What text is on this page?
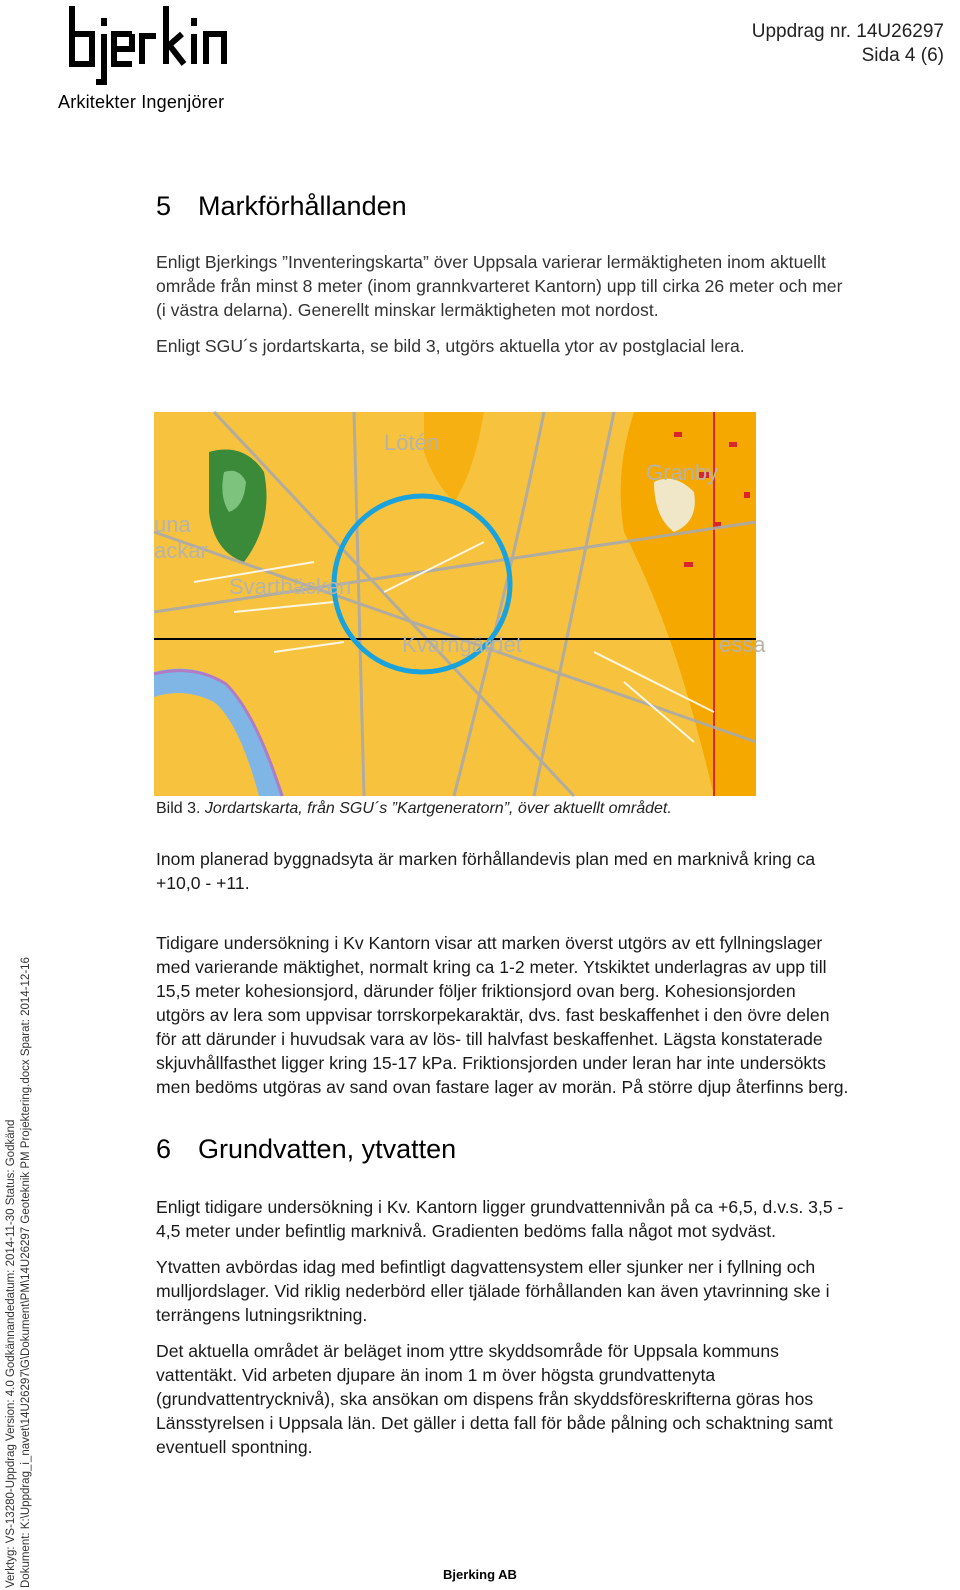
Arkitekter Ingenjörer
Uppdrag nr. 14U26297
Sida 4 (6)
5 Markförhållanden
Enligt Bjerkings ”Inventeringskarta” över Uppsala varierar lermäktigheten inom aktuellt
område från minst 8 meter (inom grannkvarteret Kantorn) upp till cirka 26 meter och mer
(i västra delarna). Generellt minskar lermäktigheten mot nordost.
Enligt SGU´s jordartskarta, se bild 3, utgörs aktuella ytor av postglacial lera.
Lötén
Granby
una
ackar
Svartbäcken
Kvarngärdet	essa
Bild 3. Jordartskarta, från SGU´s ”Kartgeneratorn”, över aktuellt området.
Inom planerad byggnadsyta är marken förhållandevis plan med en marknivå kring ca
+10,0 - +11.
Tidigare undersökning i Kv Kantorn visar att marken överst utgörs av ett fyllningslager
med varierande mäktighet, normalt kring ca 1-2 meter. Ytskiktet underlagras av upp till
15,5 meter kohesionsjord, därunder följer friktionsjord ovan berg. Kohesionsjorden
utgörs av lera som uppvisar torrskorpekaraktär, dvs. fast beskaffenhet i den övre delen
för att därunder i huvudsak vara av lös- till halvfast beskaffenhet. Lägsta konstaterade
skjuvhållfasthet ligger kring 15-17 kPa. Friktionsjorden under leran har inte undersökts
men bedöms utgöras av sand ovan fastare lager av morän. På större djup återfinns berg.
6 Grundvatten, ytvatten
Enligt tidigare undersökning i Kv. Kantorn ligger grundvattennivån på ca +6,5, d.v.s. 3,5 -
4,5 meter under befintlig marknivå. Gradienten bedöms falla något mot sydväst.
Ytvatten avbördas idag med befintligt dagvattensystem eller sjunker ner i fyllning och
mulljordslager. Vid riklig nederbörd eller tjälade förhållanden kan även ytavrinning ske i
terrängens lutningsriktning.
Det aktuella området är beläget inom yttre skyddsområde för Uppsala kommuns
vattentäkt. Vid arbeten djupare än inom 1 m över högsta grundvattenyta
(grundvattentrycknivå), ska ansökan om dispens från skyddsföreskrifterna göras hos
Länsstyrelsen i Uppsala län. Det gäller i detta fall för både pålning och schaktning samt
eventuell spontning.
Verktyg: VS-13280-Uppdrag Version: 4.0 Godkännandedatum: 2014-11-30 Status: Godkänd Dokument: K:\Uppdrag_i_navet\14U26297\G\Dokument\PM\14U26297 Geoteknik PM Projektering.docx Sparat: 2014-12-16	Bjerking AB
